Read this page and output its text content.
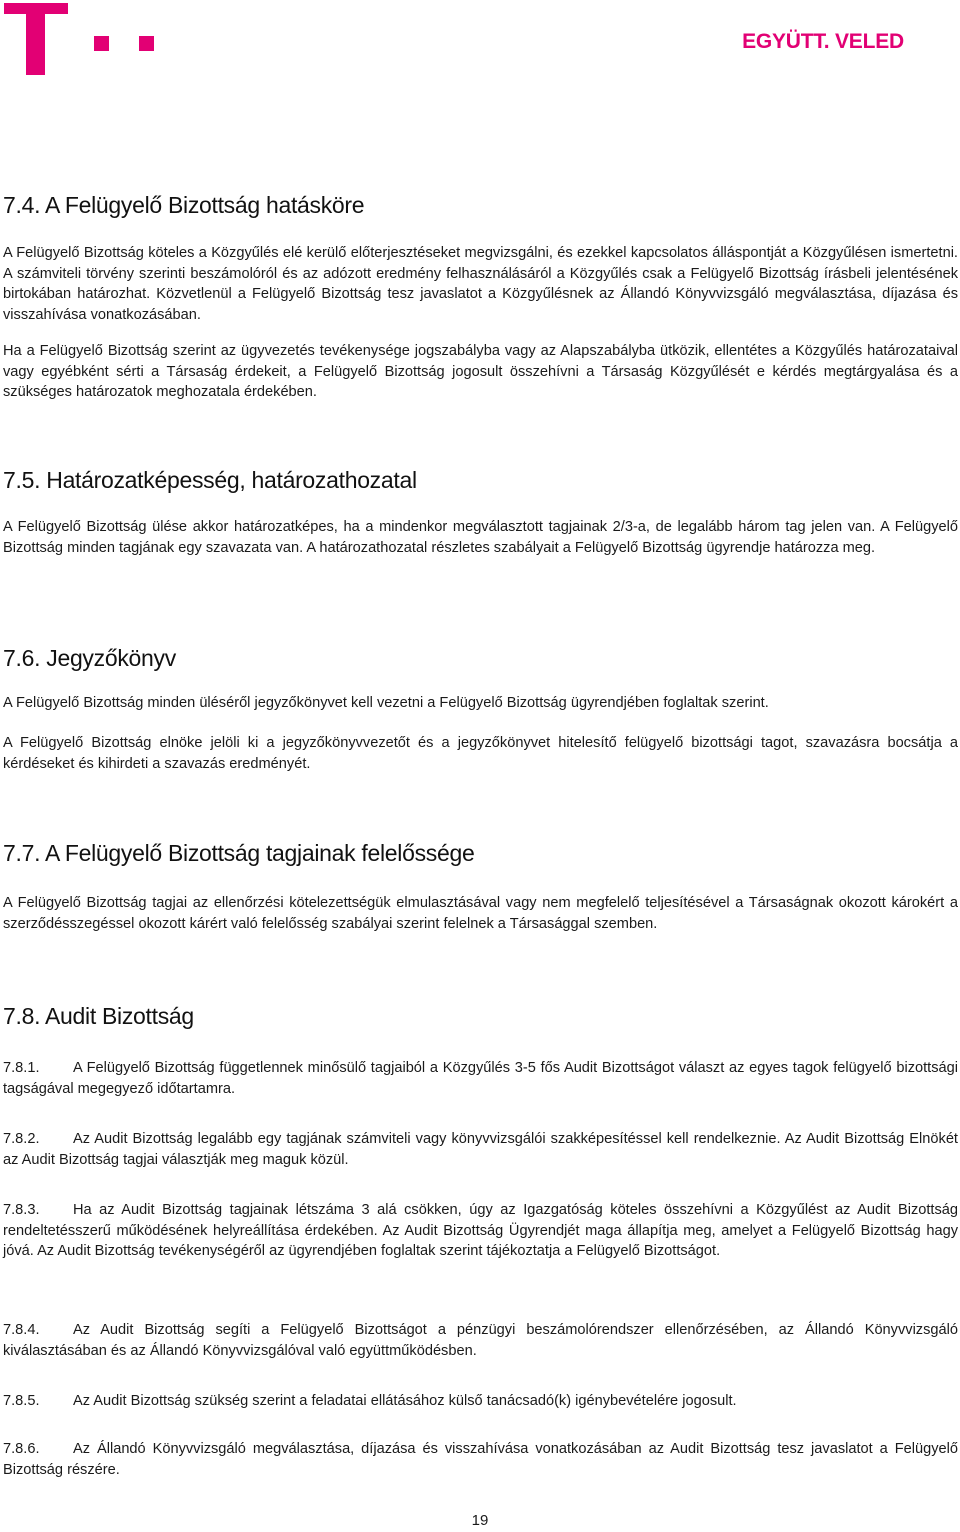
EGYÜTT. VELED
7.4. A Felügyelő Bizottság hatásköre

A Felügyelő Bizottság köteles a Közgyűlés elé kerülő előterjesztéseket megvizsgálni, és ezekkel kapcsolatos álláspontját a Közgyűlésen ismertetni. A számviteli törvény szerinti beszámolóról és az adózott eredmény felhasználásáról a Közgyűlés csak a Felügyelő Bizottság írásbeli jelentésének birtokában határozhat. Közvetlenül a Felügyelő Bizottság tesz javaslatot a Közgyűlésnek az Állandó Könyvvizsgáló megválasztása, díjazása és visszahívása vonatkozásában.

Ha a Felügyelő Bizottság szerint az ügyvezetés tevékenysége jogszabályba vagy az Alapszabályba ütközik, ellentétes a Közgyűlés határozataival vagy egyébként sérti a Társaság érdekeit, a Felügyelő Bizottság jogosult összehívni a Társaság Közgyűlését e kérdés megtárgyalása és a szükséges határozatok meghozatala érdekében.

7.5. Határozatképesség, határozathozatal

A Felügyelő Bizottság ülése akkor határozatképes, ha a mindenkor megválasztott tagjainak 2/3-a, de legalább három tag jelen van. A Felügyelő Bizottság minden tagjának egy szavazata van. A határozathozatal részletes szabályait a Felügyelő Bizottság ügyrendje határozza meg.

7.6. Jegyzőkönyv

A Felügyelő Bizottság minden üléséről jegyzőkönyvet kell vezetni a Felügyelő Bizottság ügyrendjében foglaltak szerint.

A Felügyelő Bizottság elnöke jelöli ki a jegyzőkönyvvezetőt és a jegyzőkönyvet hitelesítő felügyelő bizottsági tagot, szavazásra bocsátja a kérdéseket és kihirdeti a szavazás eredményét.

7.7. A Felügyelő Bizottság tagjainak felelőssége

A Felügyelő Bizottság tagjai az ellenőrzési kötelezettségük elmulasztásával vagy nem megfelelő teljesítésével a Társaságnak okozott károkért a szerződésszegéssel okozott kárért való felelősség szabályai szerint felelnek a Társasággal szemben.

7.8. Audit Bizottság

7.8.1. A Felügyelő Bizottság függetlennek minősülő tagjaiból a Közgyűlés 3-5 fős Audit Bizottságot választ az egyes tagok felügyelő bizottsági tagságával megegyező időtartamra.

7.8.2. Az Audit Bizottság legalább egy tagjának számviteli vagy könyvvizsgálói szakképesítéssel kell rendelkeznie. Az Audit Bizottság Elnökét az Audit Bizottság tagjai választják meg maguk közül.

7.8.3. Ha az Audit Bizottság tagjainak létszáma 3 alá csökken, úgy az Igazgatóság köteles összehívni a Közgyűlést az Audit Bizottság rendeltetésszerű működésének helyreállítása érdekében. Az Audit Bizottság Ügyrendjét maga állapítja meg, amelyet a Felügyelő Bizottság hagy jóvá. Az Audit Bizottság tevékenységéről az ügyrendjében foglaltak szerint tájékoztatja a Felügyelő Bizottságot.

7.8.4. Az Audit Bizottság segíti a Felügyelő Bizottságot a pénzügyi beszámolórendszer ellenőrzésében, az Állandó Könyvvizsgáló kiválasztásában és az Állandó Könyvvizsgálóval való együttműködésben.

7.8.5. Az Audit Bizottság szükség szerint a feladatai ellátásához külső tanácsadó(k) igénybevételére jogosult.

7.8.6. Az Állandó Könyvvizsgáló megválasztása, díjazása és visszahívása vonatkozásában az Audit Bizottság tesz javaslatot a Felügyelő Bizottság részére.

19
